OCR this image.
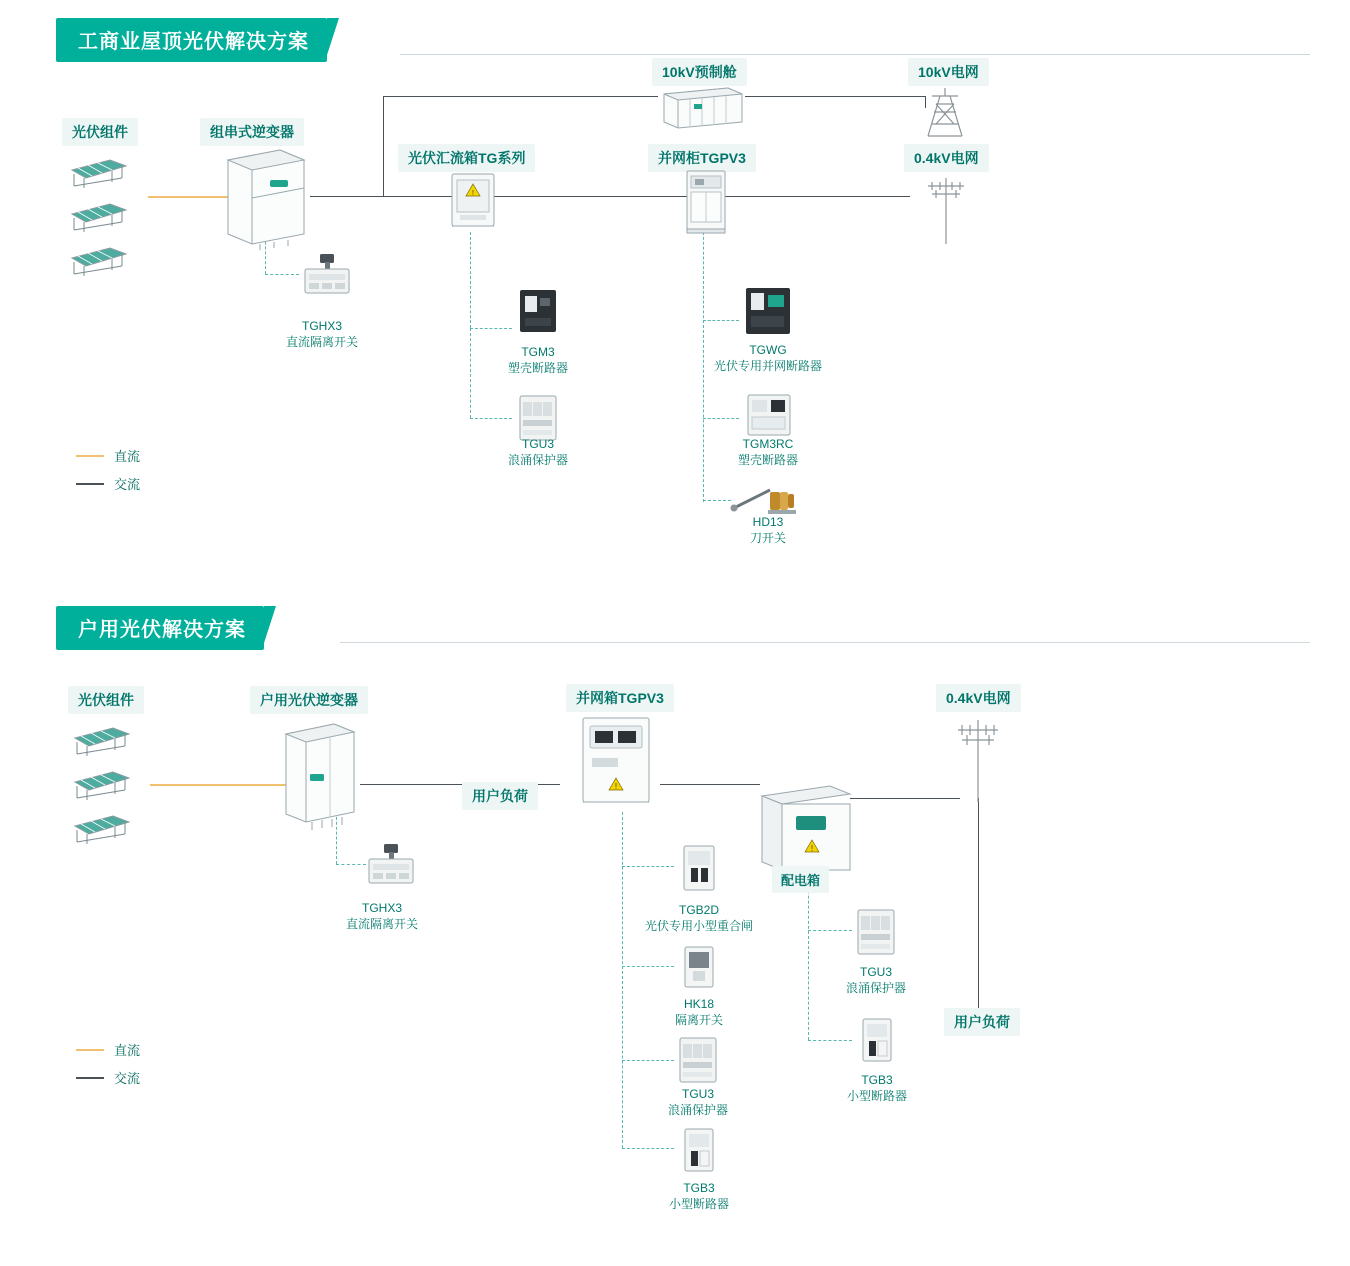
工商业屋顶光伏解决方案
光伏组件	组串式逆变器
TGHX3
直流隔离开关
光伏汇流箱TG系列
!
TGM3
塑壳断路器
TGU3
浪涌保护器
并网柜TGPV3
TGWG
光伏专用并网断路器
TGM3RC
塑壳断路器
HD13
刀开关
10kV预制舱	10kV电网
0.4kV电网
直流
交流
户用光伏解决方案
光伏组件	户用光伏逆变器
TGHX3
直流隔离开关
用户负荷
并网箱TGPV3
!
TGB2D
光伏专用小型重合闸
HK18
隔离开关
TGU3
浪涌保护器
TGB3
小型断路器
!
配电箱
TGU3
浪涌保护器
TGB3
小型断路器
0.4kV电网
用户负荷
直流
交流
